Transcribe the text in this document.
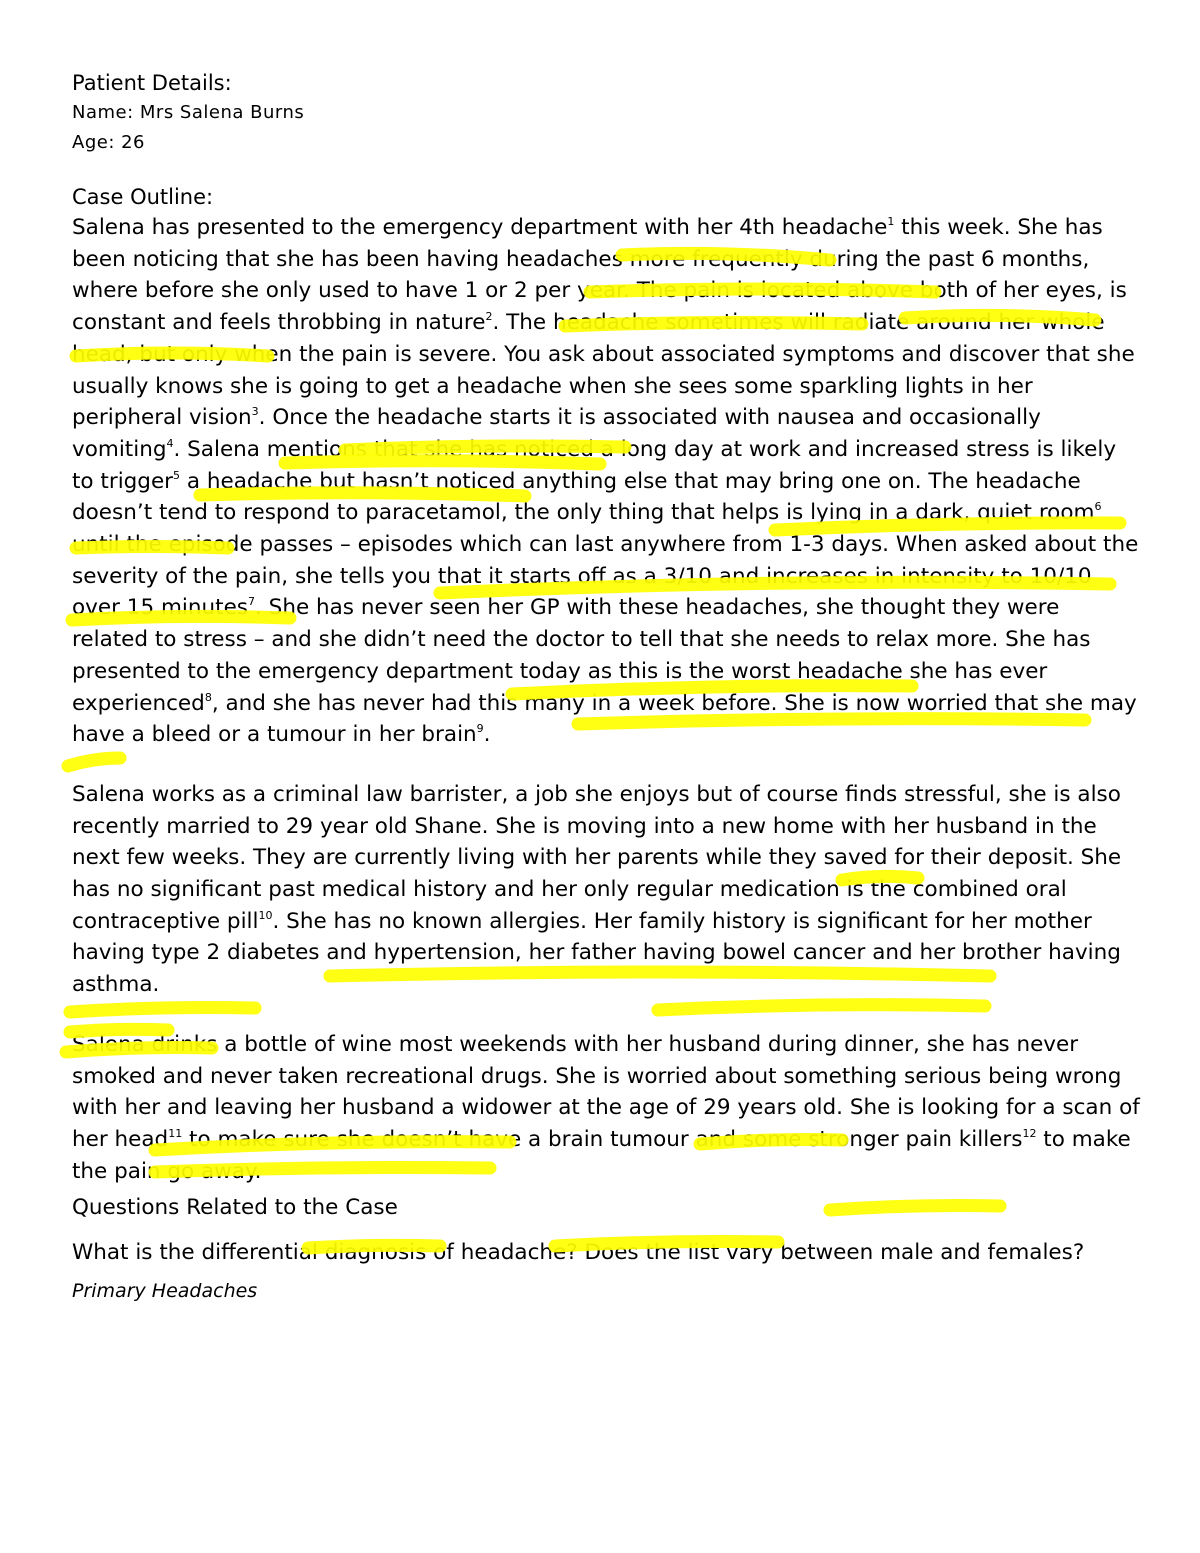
Patient Details:
Name: Mrs Salena Burns
Age: 26
Case Outline:

Salena has presented to the emergency department with her 4th headache$^1$ this week. She has been noticing that she has been having headaches more frequently during the past 6 months, where before she only used to have 1 or 2 per year. The pain is located above both of her eyes, is constant and feels throbbing in nature$^2$. The headache sometimes will radiate around her whole head, but only when the pain is severe. You ask about associated symptoms and discover that she usually knows she is going to get a headache when she sees some sparkling lights in her peripheral vision$^3$. Once the headache starts it is associated with nausea and occasionally vomiting$^4$. Salena mentions that she has noticed a long day at work and increased stress is likely to trigger$^5$ a headache but hasn’t noticed anything else that may bring one on. The headache doesn’t tend to respond to paracetamol, the only thing that helps is lying in a dark, quiet room$^6$ until the episode passes – episodes which can last anywhere from 1-3 days. When asked about the severity of the pain, she tells you that it starts off as a 3/10 and increases in intensity to 10/10 over 15 minutes$^7$. She has never seen her GP with these headaches, she thought they were related to stress – and she didn’t need the doctor to tell that she needs to relax more. She has presented to the emergency department today as this is the worst headache she has ever experienced$^8$, and she has never had this many in a week before. She is now worried that she may have a bleed or a tumour in her brain$^9$.

Salena works as a criminal law barrister, a job she enjoys but of course finds stressful, she is also recently married to 29 year old Shane. She is moving into a new home with her husband in the next few weeks. They are currently living with her parents while they saved for their deposit. She has no significant past medical history and her only regular medication is the combined oral contraceptive pill$^{10}$. She has no known allergies. Her family history is significant for her mother having type 2 diabetes and hypertension, her father having bowel cancer and her brother having asthma.

Salena drinks a bottle of wine most weekends with her husband during dinner, she has never smoked and never taken recreational drugs. She is worried about something serious being wrong with her and leaving her husband a widower at the age of 29 years old. She is looking for a scan of her head$^{11}$ to make sure she doesn’t have a brain tumour and some stronger pain killers$^{12}$ to make the pain go away.

Questions Related to the Case
What is the differential diagnosis of headache? Does the list vary between male and females?
Primary Headaches
